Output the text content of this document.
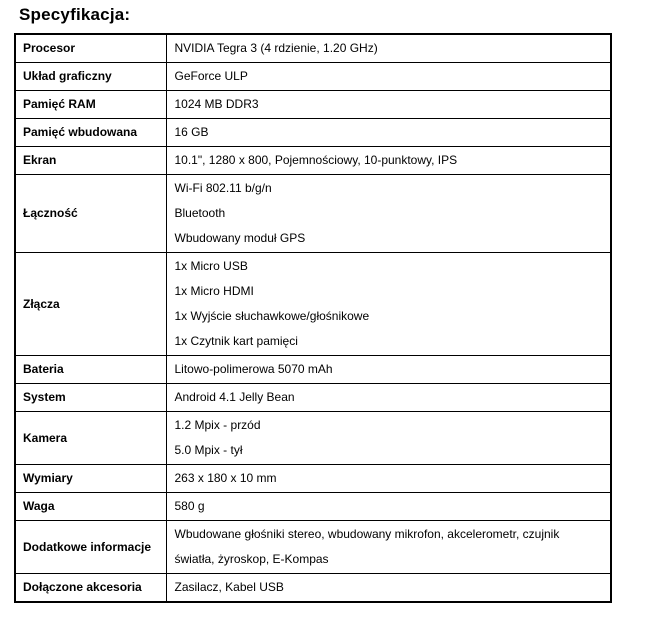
Specyfikacja:
Procesor	NVIDIA Tegra 3 (4 rdzienie, 1.20 GHz)

Układ graficzny	GeForce ULP

Pamięć RAM	1024 MB DDR3

Pamięć wbudowana	16 GB

Ekran	10.1", 1280 x 800, Pojemnościowy, 10-punktowy, IPS

Łączność	Wi-Fi 802.11 b/g/n
Bluetooth
Wbudowany moduł GPS

Złącza	1x Micro USB
1x Micro HDMI
1x Wyjście słuchawkowe/głośnikowe
1x Czytnik kart pamięci

Bateria	Litowo-polimerowa 5070 mAh

System	Android 4.1 Jelly Bean

Kamera	1.2 Mpix - przód
5.0 Mpix - tył

Wymiary	263 x 180 x 10 mm

Waga	580 g

Dodatkowe informacje	Wbudowane głośniki stereo, wbudowany mikrofon, akcelerometr, czujnik światła, żyroskop, E-Kompas

Dołączone akcesoria	Zasilacz, Kabel USB
